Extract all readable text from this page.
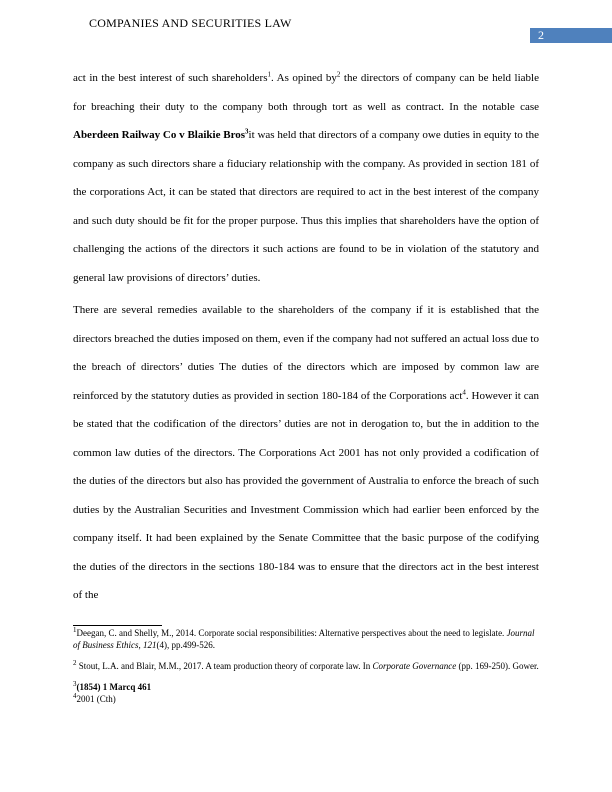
COMPANIES AND SECURITIES LAW
2

act in the best interest of such shareholders$^1$. As opined $by^2$ the directors of company can be held liable for breaching their duty to the company both through tort as well as contract. In the notable case Aberdeen Railway Co v Blaikie Bros$^3$it was held that directors of a company owe duties in equity to the company as such directors share a fiduciary relationship with the company. As provided in section 181 of the corporations Act, it can be stated that directors are required to act in the best interest of the company and such duty should be fit for the proper purpose. Thus this implies that shareholders have the option of challenging the actions of the directors it such actions are found to be in violation of the statutory and general law provisions of directors’ duties.

There are several remedies available to the shareholders of the company if it is established that the directors breached the duties imposed on them, even if the company had not suffered an actual loss due to the breach of directors’ duties The duties of the directors which are imposed by common law are reinforced by the statutory duties as provided in section 180-184 of the Corporations act$^4$. However it can be stated that the codification of the directors’ duties are not in derogation to, but the in addition to the common law duties of the directors. The Corporations Act 2001 has not only provided a codification of the duties of the directors but also has provided the government of Australia to enforce the breach of such duties by the Australian Securities and Investment Commission which had earlier been enforced by the company itself. It had been explained by the Senate Committee that the basic purpose of the codifying the duties of the directors in the sections 180-184 was to ensure that the directors act in the best interest of the

$^1$Deegan, C. and Shelly, M., 2014. Corporate social responsibilities: Alternative perspectives about the need to legislate. Journal of Business Ethics, 121(4), pp.499-526.

$^2$ Stout, L.A. and Blair, M.M., 2017. A team production theory of corporate law. In Corporate Governance (pp. 169-250). Gower.

$^3$(1854) 1 Marcq 461

$^4$2001 (Cth)
